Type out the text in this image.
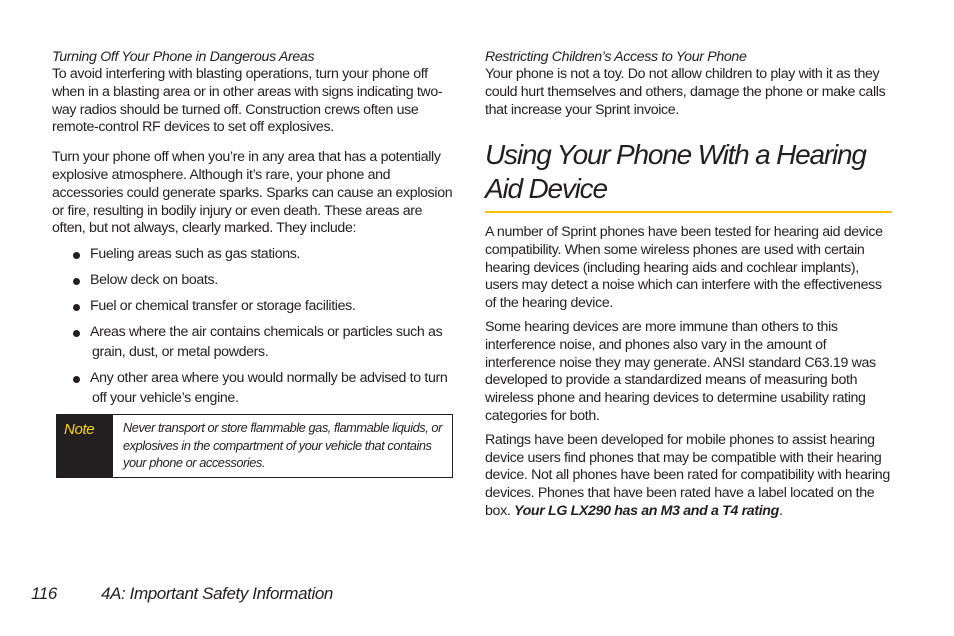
Turning Off Your Phone in Dangerous Areas

To avoid interfering with blasting operations, turn your phone off when in a blasting area or in other areas with signs indicating two-way radios should be turned off. Construction crews often use remote-control RF devices to set off explosives.

Turn your phone off when you’re in any area that has a potentially explosive atmosphere. Although it’s rare, your phone and accessories could generate sparks. Sparks can cause an explosion or fire, resulting in bodily injury or even death. These areas are often, but not always, clearly marked. They include:

Fueling areas such as gas stations.
Below deck on boats.
Fuel or chemical transfer or storage facilities.
Areas where the air contains chemicals or particles such as grain, dust, or metal powders.
Any other area where you would normally be advised to turn off your vehicle’s engine.
Note	Never transport or store flammable gas, flammable liquids, or explosives in the compartment of your vehicle that contains your phone or accessories.

Restricting Children’s Access to Your Phone

Your phone is not a toy. Do not allow children to play with it as they could hurt themselves and others, damage the phone or make calls that increase your Sprint invoice.

Using Your Phone With a Hearing Aid Device

A number of Sprint phones have been tested for hearing aid device compatibility. When some wireless phones are used with certain hearing devices (including hearing aids and cochlear implants), users may detect a noise which can interfere with the effectiveness of the hearing device.

Some hearing devices are more immune than others to this interference noise, and phones also vary in the amount of interference noise they may generate. ANSI standard C63.19 was developed to provide a standardized means of measuring both wireless phone and hearing devices to determine usability rating categories for both.

Ratings have been developed for mobile phones to assist hearing device users find phones that may be compatible with their hearing device. Not all phones have been rated for compatibility with hearing devices. Phones that have been rated have a label located on the box. Your LG LX290 has an M3 and a T4 rating.

116	4A: Important Safety Information
